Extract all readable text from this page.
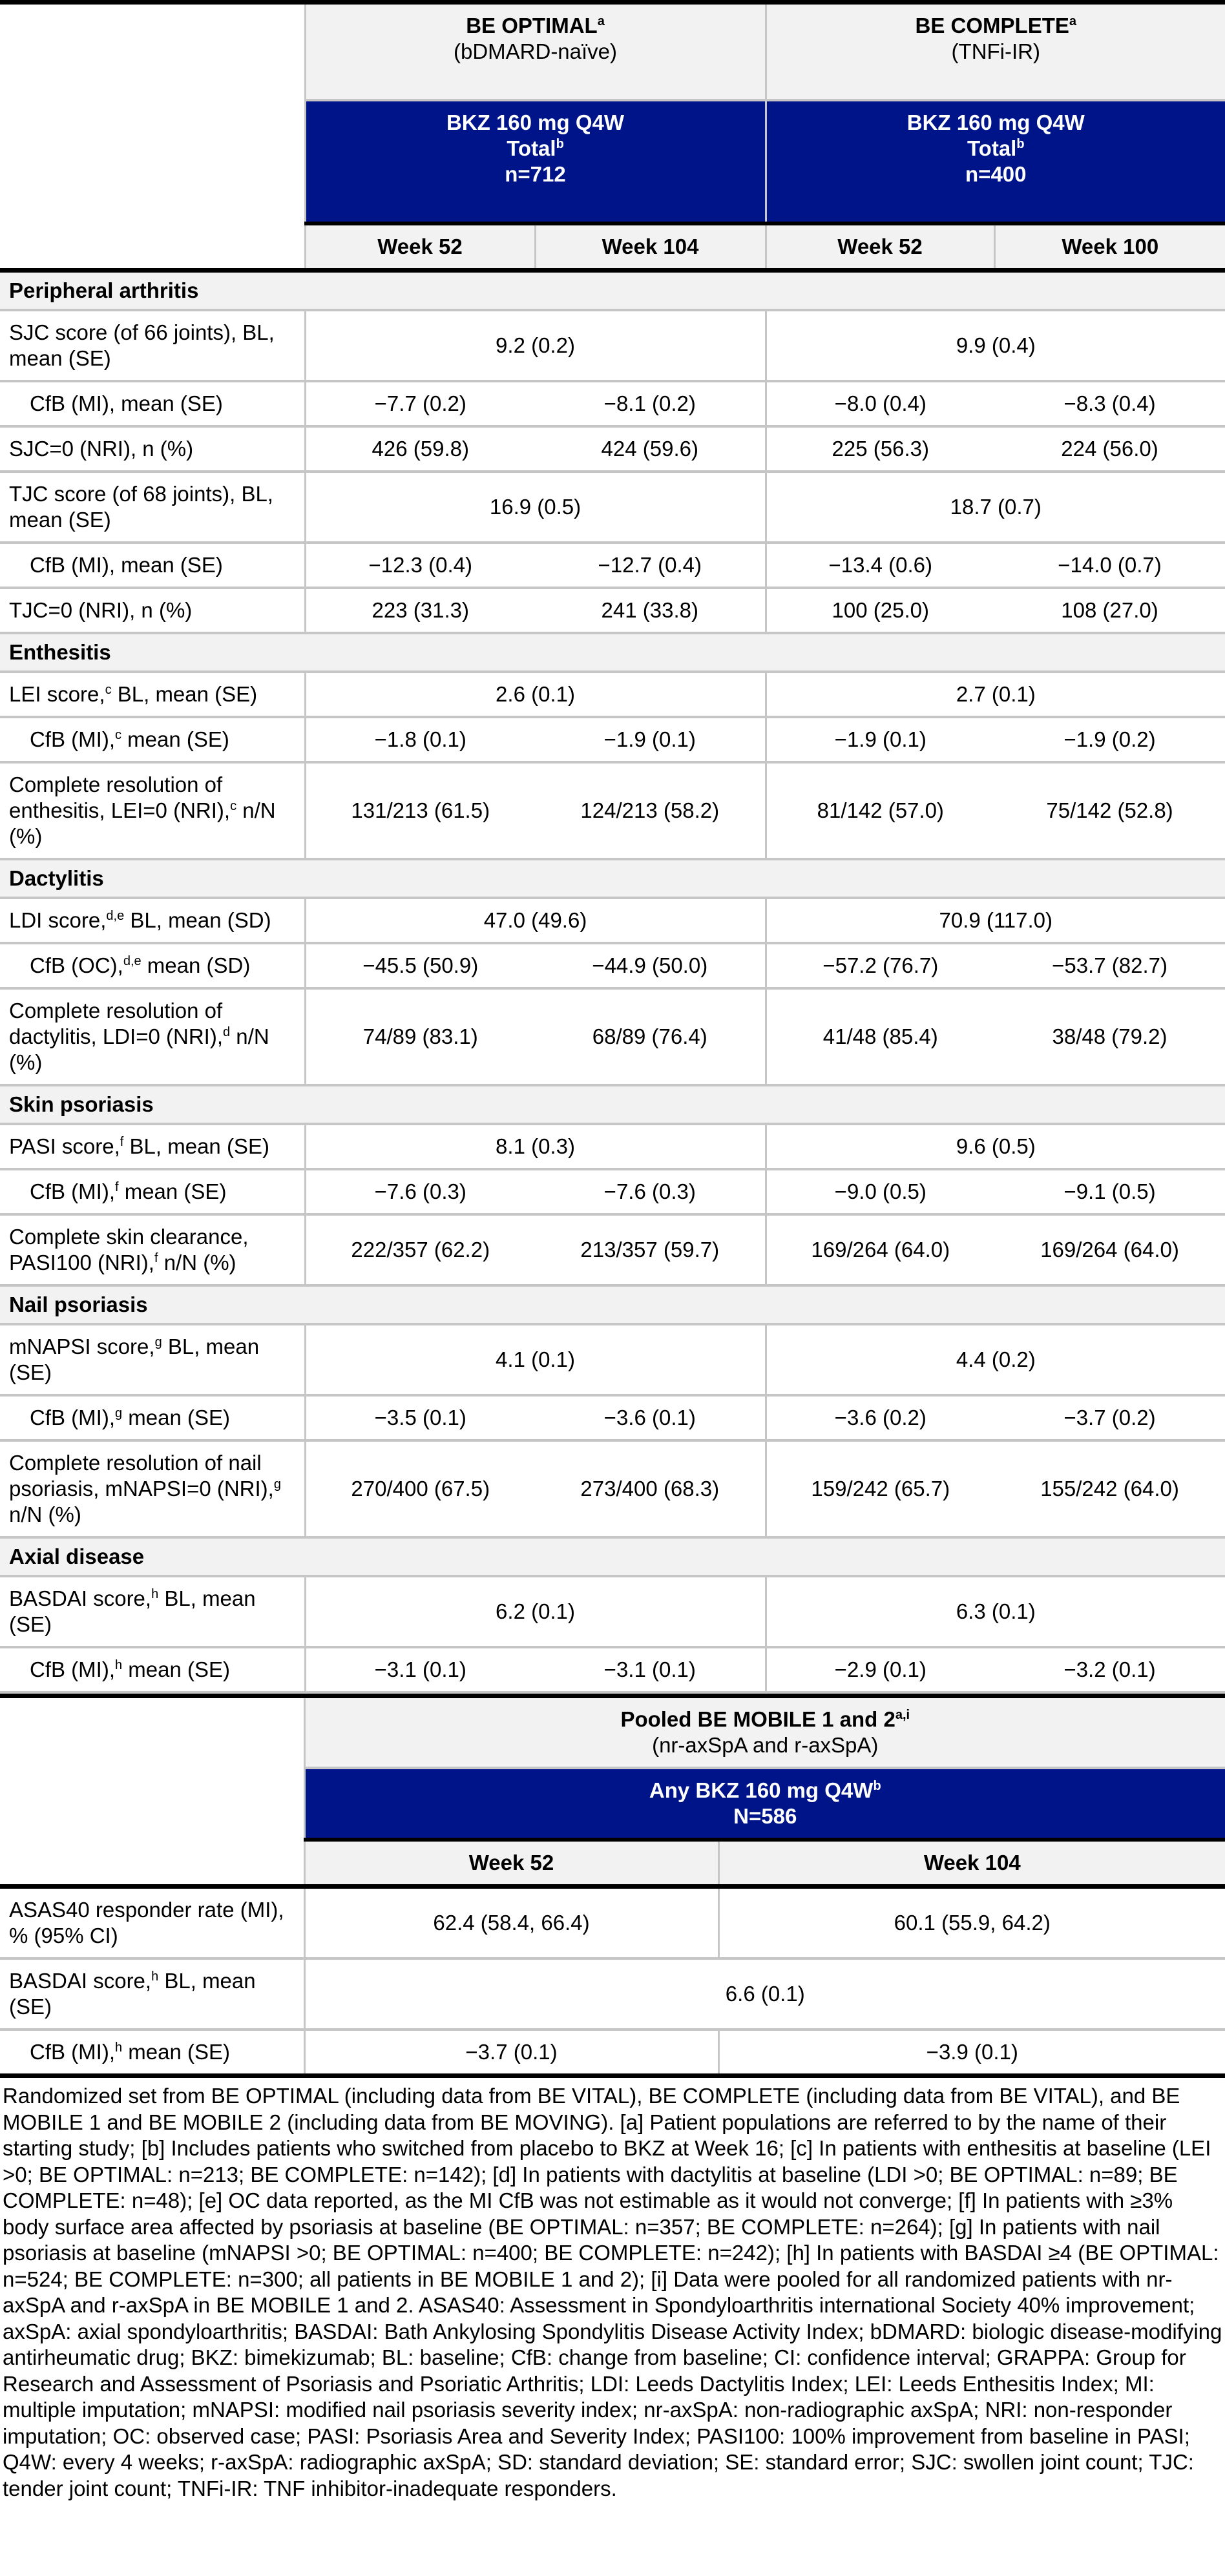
	BE OPTIMAL$^a$
(bDMARD-naïve)		BE COMPLETE$^a$
(TNFi-IR)	

	BKZ 160 mg Q4W
Total$^b$
n=712		BKZ 160 mg Q4W
Total$^b$
n=400	

	Week 52	Week 104	Week 52	Week 100
Peripheral arthritis				
SJC score (of 66 joints), BL, mean (SE)	9.2 (0.2)		9.9 (0.4)	
CfB (MI), mean (SE)	−7.7 (0.2)	−8.1 (0.2)	−8.0 (0.4)	−8.3 (0.4)
SJC=0 (NRI), n (%)	426 (59.8)	424 (59.6)	225 (56.3)	224 (56.0)
TJC score (of 68 joints), BL, mean (SE)	16.9 (0.5)		18.7 (0.7)	
CfB (MI), mean (SE)	−12.3 (0.4)	−12.7 (0.4)	−13.4 (0.6)	−14.0 (0.7)
TJC=0 (NRI), n (%)	223 (31.3)	241 (33.8)	100 (25.0)	108 (27.0)
Enthesitis				
LEI score,$^c$ BL, mean (SE)	2.6 (0.1)		2.7 (0.1)	
CfB (MI),$^c$ mean (SE)	−1.8 (0.1)	−1.9 (0.1)	−1.9 (0.1)	−1.9 (0.2)
Complete resolution of enthesitis, LEI=0 (NRI),$^c$ n/N (%)	131/213 (61.5)	124/213 (58.2)	81/142 (57.0)	75/142 (52.8)
Dactylitis				
LDI score,$^{d,e}$ BL, mean (SD)	47.0 (49.6)		70.9 (117.0)	
CfB (OC),$^{d,e}$ mean (SD)	−45.5 (50.9)	−44.9 (50.0)	−57.2 (76.7)	−53.7 (82.7)
Complete resolution of dactylitis, LDI=0 (NRI),$^d$ n/N (%)	74/89 (83.1)	68/89 (76.4)	41/48 (85.4)	38/48 (79.2)
Skin psoriasis				
PASI score,$^f$ BL, mean (SE)	8.1 (0.3)		9.6 (0.5)	
CfB (MI),$^f$ mean (SE)	−7.6 (0.3)	−7.6 (0.3)	−9.0 (0.5)	−9.1 (0.5)
Complete skin clearance, PASI100 (NRI),$^f$ n/N (%)	222/357 (62.2)	213/357 (59.7)	169/264 (64.0)	169/264 (64.0)
Nail psoriasis				
mNAPSI score,$^g$ BL, mean (SE)	4.1 (0.1)		4.4 (0.2)	
CfB (MI),$^g$ mean (SE)	−3.5 (0.1)	−3.6 (0.1)	−3.6 (0.2)	−3.7 (0.2)
Complete resolution of nail psoriasis, mNAPSI=0 (NRI),$^g$ n/N (%)	270/400 (67.5)	273/400 (68.3)	159/242 (65.7)	155/242 (64.0)
Axial disease				
BASDAI score,$^h$ BL, mean (SE)	6.2 (0.1)		6.3 (0.1)	
CfB (MI),$^h$ mean (SE)	−3.1 (0.1)	−3.1 (0.1)	−2.9 (0.1)	−3.2 (0.1)
	Pooled BE MOBILE 1 and 2$^{a,i}$
(nr-axSpA and r-axSpA)	
	Any BKZ 160 mg $Q4W^b$
N=586	
	Week 52	Week 104
ASAS40 responder rate (MI), % (95% CI)	62.4 (58.4, 66.4)	60.1 (55.9, 64.2)
BASDAI score,$^h$ BL, mean (SE)	6.6 (0.1)	
CfB (MI),$^h$ mean (SE)	−3.7 (0.1)	−3.9 (0.1)
Randomized set from BE OPTIMAL (including data from BE VITAL), BE COMPLETE (including data from BE VITAL), and BE MOBILE 1 and BE MOBILE 2 (including data from BE MOVING). [a] Patient populations are referred to by the name of their starting study; [b] Includes patients who switched from placebo to BKZ at Week 16; [c] In patients with enthesitis at baseline (LEI >0; BE OPTIMAL: n=213; BE COMPLETE: n=142); [d] In patients with dactylitis at baseline (LDI >0; BE OPTIMAL: n=89; BE COMPLETE: n=48); [e] OC data reported, as the MI CfB was not estimable as it would not converge; [f] In patients with ≥3% body surface area affected by psoriasis at baseline (BE OPTIMAL: n=357; BE COMPLETE: n=264); [g] In patients with nail psoriasis at baseline (mNAPSI >0; BE OPTIMAL: n=400; BE COMPLETE: n=242); [h] In patients with BASDAI ≥4 (BE OPTIMAL: n=524; BE COMPLETE: n=300; all patients in BE MOBILE 1 and 2); [i] Data were pooled for all randomized patients with nr-axSpA and r-axSpA in BE MOBILE 1 and 2. ASAS40: Assessment in Spondyloarthritis international Society 40% improvement; axSpA: axial spondyloarthritis; BASDAI: Bath Ankylosing Spondylitis Disease Activity Index; bDMARD: biologic disease-modifying antirheumatic drug; BKZ: bimekizumab; BL: baseline; CfB: change from baseline; CI: confidence interval; GRAPPA: Group for Research and Assessment of Psoriasis and Psoriatic Arthritis; LDI: Leeds Dactylitis Index; LEI: Leeds Enthesitis Index; MI: multiple imputation; mNAPSI: modified nail psoriasis severity index; nr-axSpA: non-radiographic axSpA; NRI: non-responder imputation; OC: observed case; PASI: Psoriasis Area and Severity Index; PASI100: 100% improvement from baseline in PASI; Q4W: every 4 weeks; r-axSpA: radiographic axSpA; SD: standard deviation; SE: standard error; SJC: swollen joint count; TJC: tender joint count; TNFi-IR: TNF inhibitor-inadequate responders.		
